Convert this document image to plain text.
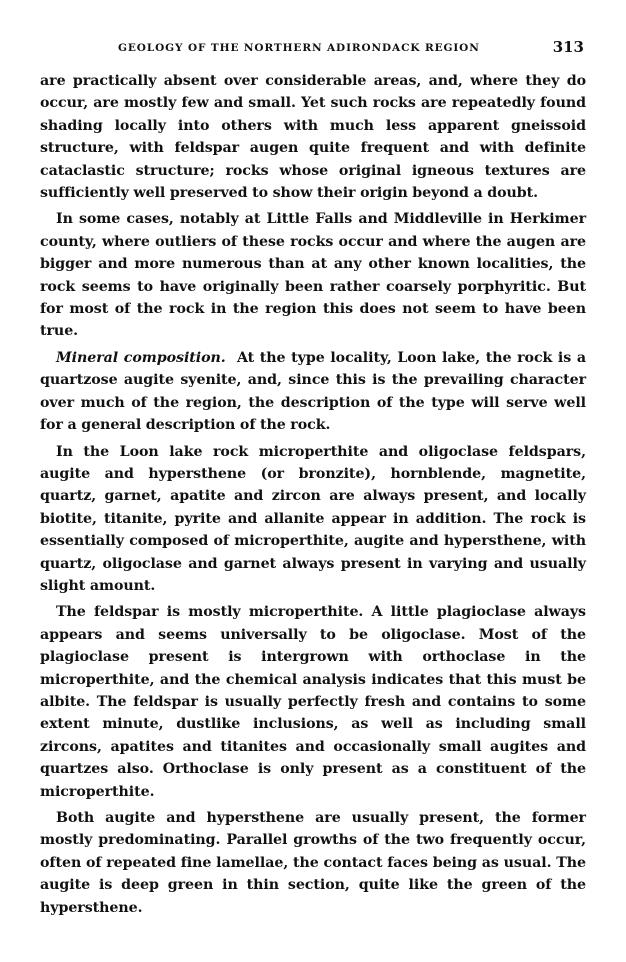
GEOLOGY OF THE NORTHERN ADIRONDACK REGION	313

are practically absent over considerable areas, and, where they do occur, are mostly few and small. Yet such rocks are repeatedly found shading locally into others with much less apparent gneissoid structure, with feldspar augen quite frequent and with definite cataclastic structure; rocks whose original igneous textures are sufficiently well preserved to show their origin beyond a doubt.

In some cases, notably at Little Falls and Middleville in Herkimer county, where outliers of these rocks occur and where the augen are bigger and more numerous than at any other known localities, the rock seems to have originally been rather coarsely porphyritic. But for most of the rock in the region this does not seem to have been true.

Mineral composition. At the type locality, Loon lake, the rock is a quartzose augite syenite, and, since this is the prevailing character over much of the region, the description of the type will serve well for a general description of the rock.

In the Loon lake rock microperthite and oligoclase feldspars, augite and hypersthene (or bronzite), hornblende, magnetite, quartz, garnet, apatite and zircon are always present, and locally biotite, titanite, pyrite and allanite appear in addition. The rock is essentially composed of microperthite, augite and hypersthene, with quartz, oligoclase and garnet always present in varying and usually slight amount.

The feldspar is mostly microperthite. A little plagioclase always appears and seems universally to be oligoclase. Most of the plagioclase present is intergrown with orthoclase in the microperthite, and the chemical analysis indicates that this must be albite. The feldspar is usually perfectly fresh and contains to some extent minute, dustlike inclusions, as well as including small zircons, apatites and titanites and occasionally small augites and quartzes also. Orthoclase is only present as a constituent of the microperthite.

Both augite and hypersthene are usually present, the former mostly predominating. Parallel growths of the two frequently occur, often of repeated fine lamellae, the contact faces being as usual. The augite is deep green in thin section, quite like the green of the hypersthene.
